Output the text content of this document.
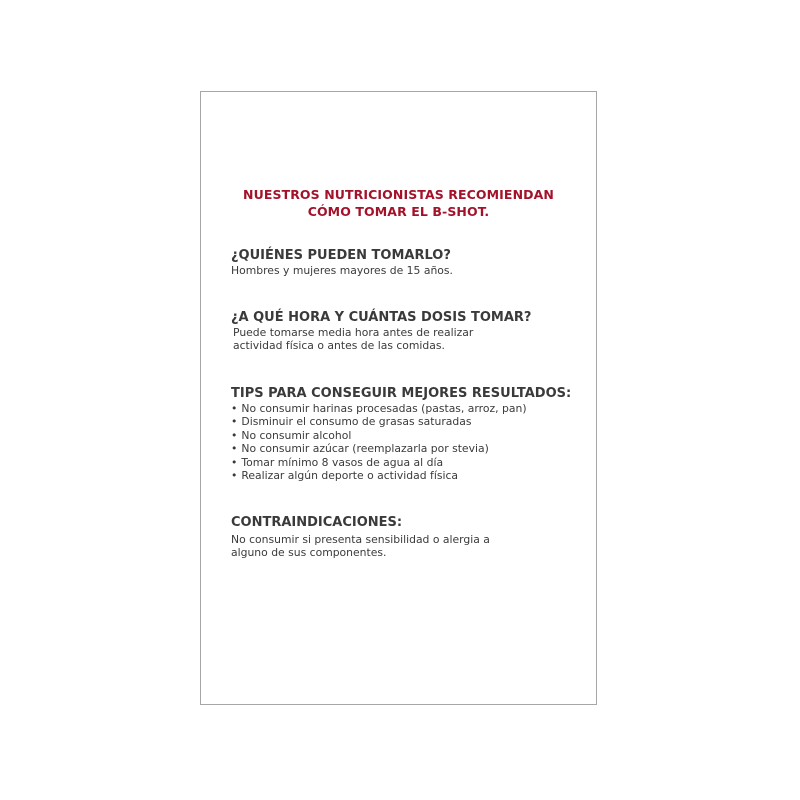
NUESTROS NUTRICIONISTAS RECOMIENDAN
CÓMO TOMAR EL B-SHOT.
¿QUIÉNES PUEDEN TOMARLO?
Hombres y mujeres mayores de 15 años.
¿A QUÉ HORA Y CUÁNTAS DOSIS TOMAR?
Puede tomarse media hora antes de realizar
actividad física o antes de las comidas.
TIPS PARA CONSEGUIR MEJORES RESULTADOS:
• No consumir harinas procesadas (pastas, arroz, pan)
• Disminuir el consumo de grasas saturadas
• No consumir alcohol
• No consumir azúcar (reemplazarla por stevia)
• Tomar mínimo 8 vasos de agua al día
• Realizar algún deporte o actividad física
CONTRAINDICACIONES:
No consumir si presenta sensibilidad o alergia a
alguno de sus componentes.
